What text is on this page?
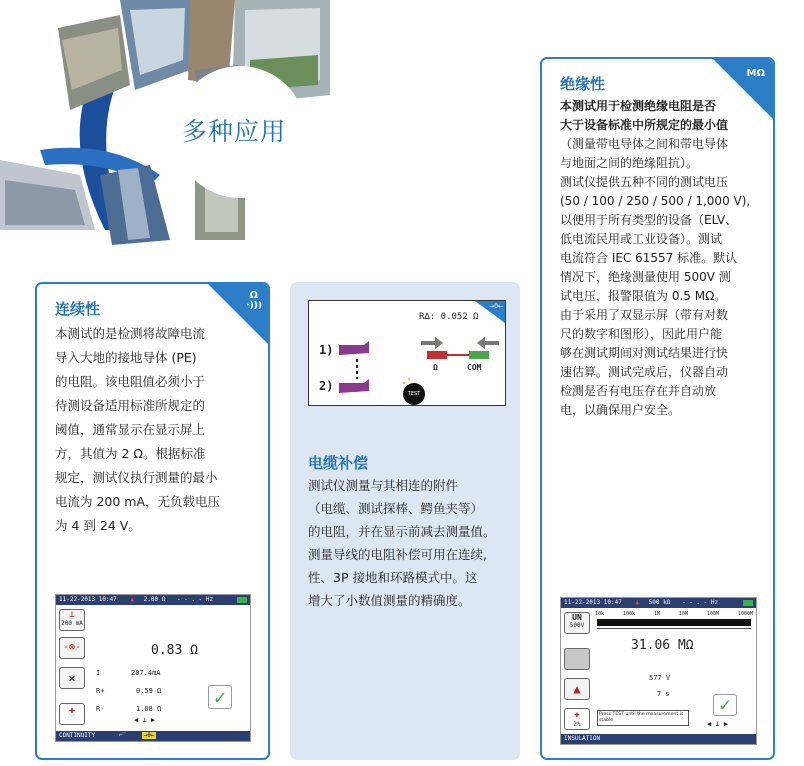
多种应用
Ω
·)))
连续性
本测试的是检测将故障电流
导入大地的接地导体 (PE)
的电阻。该电阻值必须小于
待测设备适用标准所规定的
阈值，通常显示在显示屏上
方，其值为 2 Ω。根据标准
规定，测试仪执行测量的最小
电流为 200 mA，无负载电压
为 4 到 24 V。
11-22-2013 10:47 ▲ 2.00 Ω - - . - Hz
⊥
200 mA
-⊕-	0.83 Ω
✕	I	207.4mA
R+	0.59 Ω
R-	1.08 Ω
◀ ⊥ ▶
✚
✓
CONTINUITY	⌐‾	→0←
R∆: 0.052 Ω
→0←
1)
2)
Ω	COM
TEST
电缆补偿
测试仪测量与其相连的附件
（电缆、测试探棒、鳄鱼夹等）
的电阻，并在显示前减去测量值。
测量导线的电阻补偿可用在连续,
性、3P 接地和环路模式中。这
增大了小数值测量的精确度。
MΩ
绝缘性
本测试用于检测绝缘电阻是否
大于设备标准中所规定的最小值
（测量带电导体之间和带电导体
与地面之间的绝缘阻抗）。
测试仪提供五种不同的测试电压
(50 / 100 / 250 / 500 / 1,000 V),
以便用于所有类型的设备（ELV、
低电流民用或工业设备）。测试
电流符合 IEC 61557 标准。默认
情况下，绝缘测量使用 500V 测
试电压，报警限值为 0.5 MΩ。
由于采用了双显示屏（带有对数
尺的数字和图形），因此用户能
够在测试期间对测试结果进行快
速估算。测试完成后，仪器自动
检测是否有电压存在并自动放
电，以确保用户安全。
11-22-2013 10:47 ▲ 500 kΩ - - . - Hz
UN
500V
10k	100k	1M	10M	100M	1000M
31.06 MΩ
577 V
▲	7 s
✚
2%
Press TEST until the measurement is stable
✓
◀ ⊥ ▶
INSULATION
